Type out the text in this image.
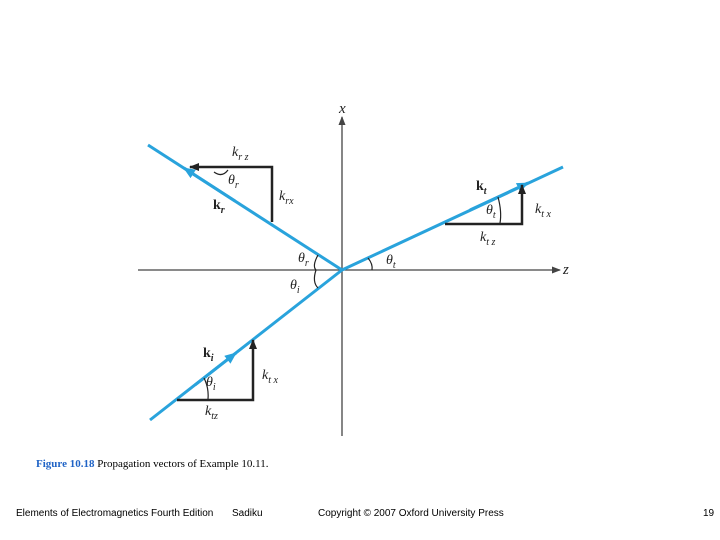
x
z
$k_{r z}$
$\theta_r$
$k_r$
$k_{rx}$
$k_t$
$\theta_t$	$k_{t x}$
$k_{t z}$
$\theta_r$
$\theta_i$
$\theta_t$
$k_i$
$\theta_i$
$k_{t x}$
$k_{tz}$
Figure 10.18 Propagation vectors of Example 10.11.
Elements of Electromagnetics Fourth Edition Sadiku	Copyright © 2007 Oxford University Press	19
